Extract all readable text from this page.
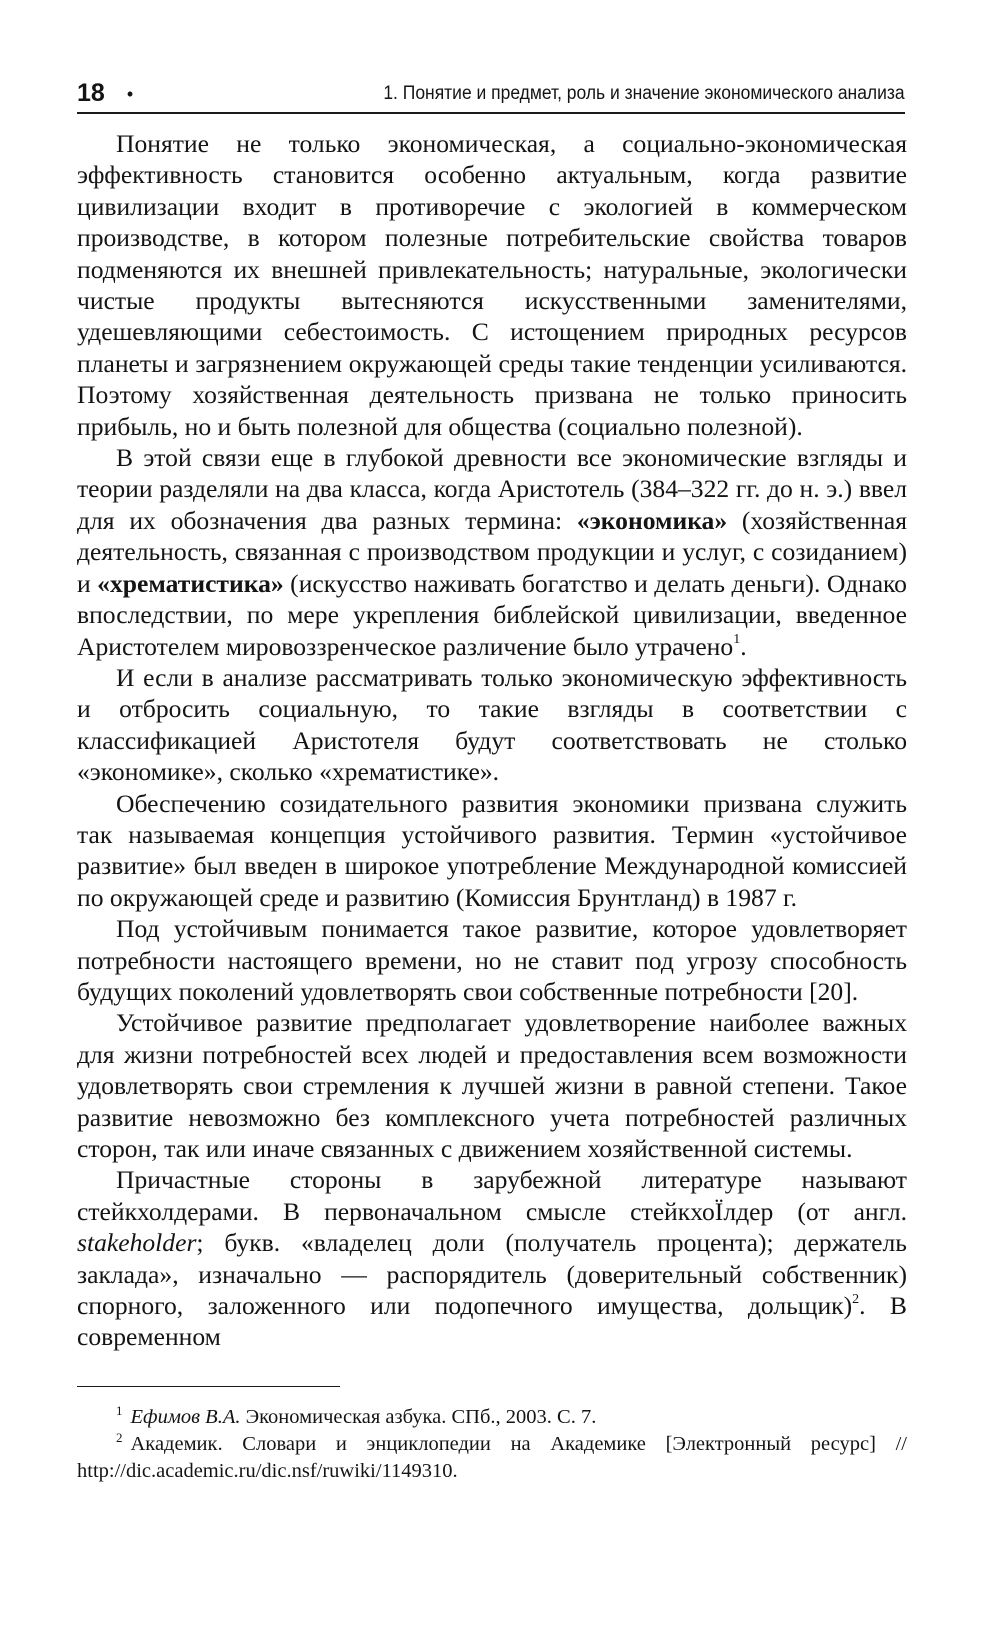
18 •	1. Понятие и предмет, роль и значение экономического анализа

Понятие не только экономическая, а социально-экономическая эффективность становится особенно актуальным, когда развитие цивилизации входит в противоречие с экологией в коммерческом производстве, в котором полезные потребительские свойства товаров подменяются их внешней привлекательность; натуральные, экологически чистые продукты вытесняются искусственными заменителями, удешевляющими себестоимость. С истощением природных ресурсов планеты и загрязнением окружающей среды такие тенденции усиливаются. Поэтому хозяйственная деятельность призвана не только приносить прибыль, но и быть полезной для общества (социально полезной).

В этой связи еще в глубокой древности все экономические взгляды и теории разделяли на два класса, когда Аристотель (384–322 гг. до н. э.) ввел для их обозначения два разных термина: «экономика» (хозяйственная деятельность, связанная с производством продукции и услуг, с созиданием) и «хрематистика» (искусство наживать богатство и делать деньги). Однако впоследствии, по мере укрепления библейской цивилизации, введенное Аристотелем мировоззренческое различение было утрачено$^1$.

И если в анализе рассматривать только экономическую эффективность и отбросить социальную, то такие взгляды в соответствии с классификацией Аристотеля будут соответствовать не столько «экономике», сколько «хрематистике».

Обеспечению созидательного развития экономики призвана служить так называемая концепция устойчивого развития. Термин «устойчивое развитие» был введен в широкое употребление Международной комиссией по окружающей среде и развитию (Комиссия Брунтланд) в 1987 г.

Под устойчивым понимается такое развитие, которое удовлетворяет потребности настоящего времени, но не ставит под угрозу способность будущих поколений удовлетворять свои собственные потребности [20].

Устойчивое развитие предполагает удовлетворение наиболее важных для жизни потребностей всех людей и предоставления всем возможности удовлетворять свои стремления к лучшей жизни в равной степени. Такое развитие невозможно без комплексного учета потребностей различных сторон, так или иначе связанных с движением хозяйственной системы.

Причастные стороны в зарубежной литературе называют стейкхолдерами. В первоначальном смысле стейкхоЇлдер (от англ. stakeholder; букв. «владелец доли (получатель процента); держатель заклада», изначально — распорядитель (доверительный собственник) спорного, заложенного или подопечного имущества, дольщик)$^2$. В современном

$^1$ Ефимов В.А. Экономическая азбука. СПб., 2003. С. 7.

$^2$ Академик. Словари и энциклопедии на Академике [Электронный ресурс] // http://dic.academic.ru/dic.nsf/ruwiki/1149310.
